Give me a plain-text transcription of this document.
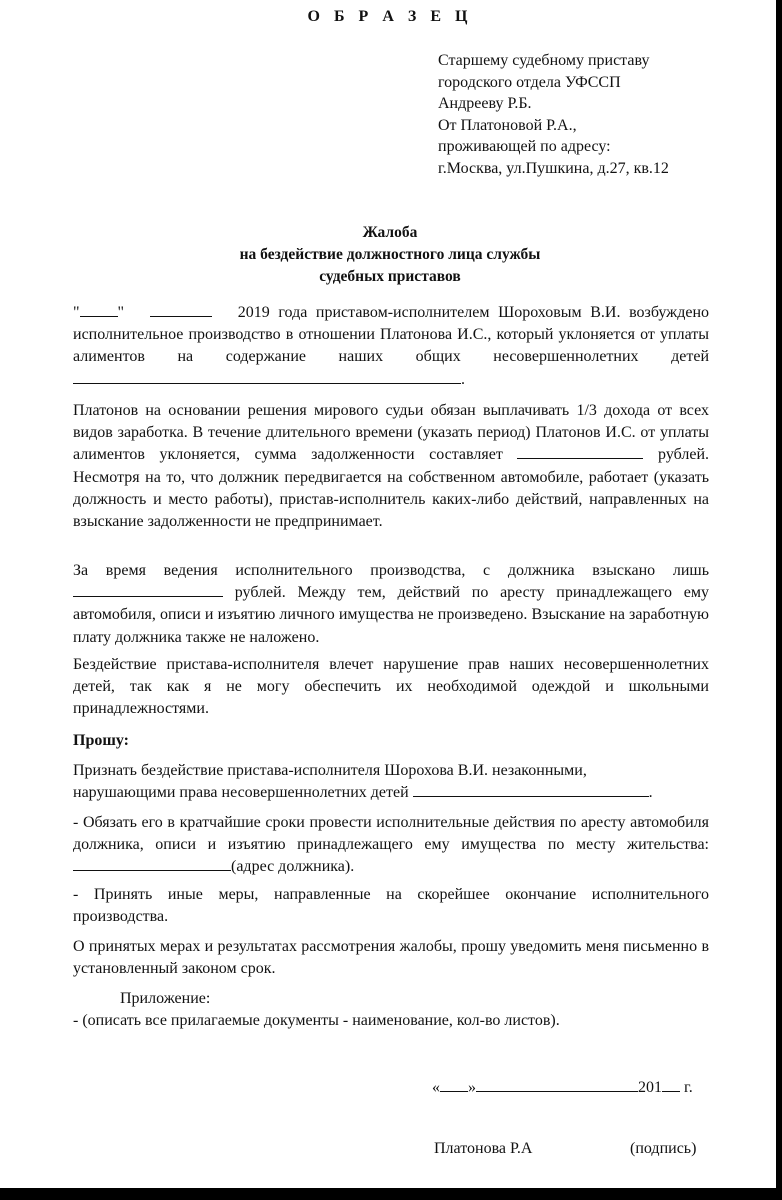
О Б Р А З Е Ц
Старшему судебному приставу
городского отдела УФССП
Андрееву Р.Б.
От Платоновой Р.А.,
проживающей по адресу:
г.Москва, ул.Пушкина, д.27, кв.12
Жалоба
на бездействие должностного лица службы
судебных приставов

" "	2019 года приставом-исполнителем Шороховым В.И. возбуждено исполнительное производство в отношении Платонова И.С., который уклоняется от уплаты алиментов на содержание наших общих несовершеннолетних детей .

Платонов на основании решения мирового судьи обязан выплачивать 1/3 дохода от всех видов заработка. В течение длительного времени (указать период) Платонов И.С. от уплаты алиментов уклоняется, сумма задолженности составляет	рублей. Несмотря на то, что должник передвигается на собственном автомобиле, работает (указать должность и место работы), пристав-исполнитель каких-либо действий, направленных на взыскание задолженности не предпринимает.

За время ведения исполнительного производства, с должника взыскано лишь  рублей. Между тем, действий по аресту принадлежащего ему автомобиля, описи и изъятию личного имущества не произведено. Взыскание на заработную плату должника также не наложено.

Бездействие пристава-исполнителя влечет нарушение прав наших несовершеннолетних детей, так как я не могу обеспечить их необходимой одеждой и школьными принадлежностями.

Прошу:
Признать бездействие пристава-исполнителя Шорохова В.И. незаконными,
нарушающими права несовершеннолетних детей	.

- Обязать его в кратчайшие сроки провести исполнительные действия по аресту автомобиля должника, описи и изъятию принадлежащего ему имущества по месту жительства: (адрес должника).

- Принять иные меры, направленные на скорейшее окончание исполнительного производства.

О принятых мерах и результатах рассмотрения жалобы, прошу уведомить меня письменно в установленный законом срок.

Приложение:
- (описать все прилагаемые документы - наименование, кол-во листов).
« »	201 г.
Платонова Р.А	(подпись)
